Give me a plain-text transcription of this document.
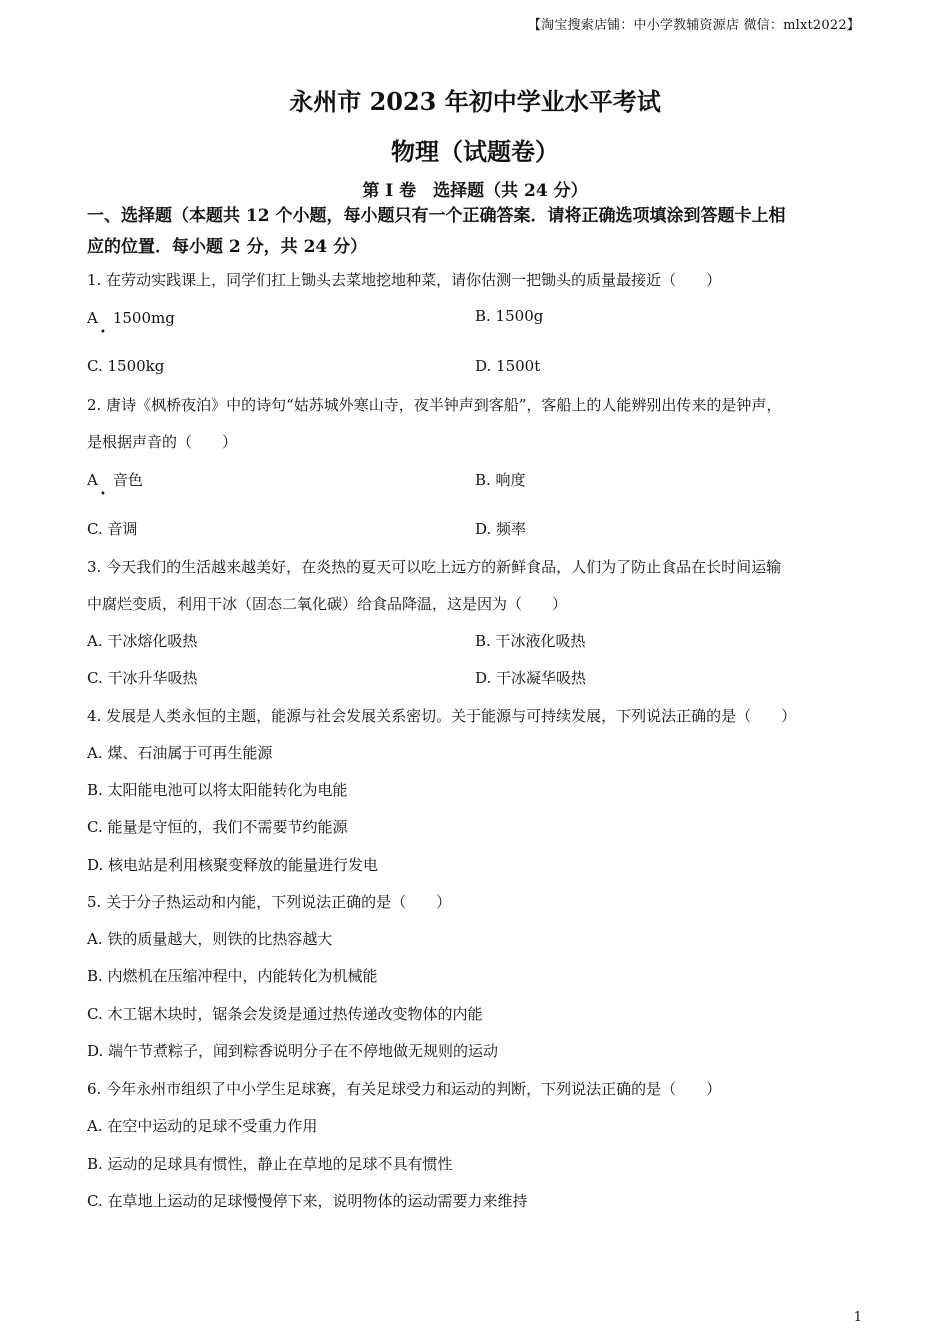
【淘宝搜索店铺：中小学教辅资源店 微信：mlxt2022】
永州市 2023 年初中学业水平考试
物理（试题卷）
第 I 卷　选择题（共 24 分）
一、选择题（本题共 12 个小题，每小题只有一个正确答案．请将正确选项填涂到答题卡上相
应的位置．每小题 2 分，共 24 分）
1. 在劳动实践课上，同学们扛上锄头去菜地挖地种菜，请你估测一把锄头的质量最接近（　　）
A　1500mg
•
B. 1500g
C. 1500kg	D. 1500t
2. 唐诗《枫桥夜泊》中的诗句“姑苏城外寒山寺，夜半钟声到客船”，客船上的人能辨别出传来的是钟声，
是根据声音的（　　）
A　音色
•
B. 响度
C. 音调	D. 频率
3. 今天我们的生活越来越美好，在炎热的夏天可以吃上远方的新鲜食品，人们为了防止食品在长时间运输
中腐烂变质，利用干冰（固态二氧化碳）给食品降温，这是因为（　　）
A. 干冰熔化吸热	B. 干冰液化吸热
C. 干冰升华吸热	D. 干冰凝华吸热
4. 发展是人类永恒的主题，能源与社会发展关系密切。关于能源与可持续发展，下列说法正确的是（　　）
A. 煤、石油属于可再生能源
B. 太阳能电池可以将太阳能转化为电能
C. 能量是守恒的，我们不需要节约能源
D. 核电站是利用核聚变释放的能量进行发电
5. 关于分子热运动和内能，下列说法正确的是（　　）
A. 铁的质量越大，则铁的比热容越大
B. 内燃机在压缩冲程中，内能转化为机械能
C. 木工锯木块时，锯条会发烫是通过热传递改变物体的内能
D. 端午节煮粽子，闻到粽香说明分子在不停地做无规则的运动
6. 今年永州市组织了中小学生足球赛，有关足球受力和运动的判断，下列说法正确的是（　　）
A. 在空中运动的足球不受重力作用
B. 运动的足球具有惯性，静止在草地的足球不具有惯性
C. 在草地上运动的足球慢慢停下来，说明物体的运动需要力来维持
1
